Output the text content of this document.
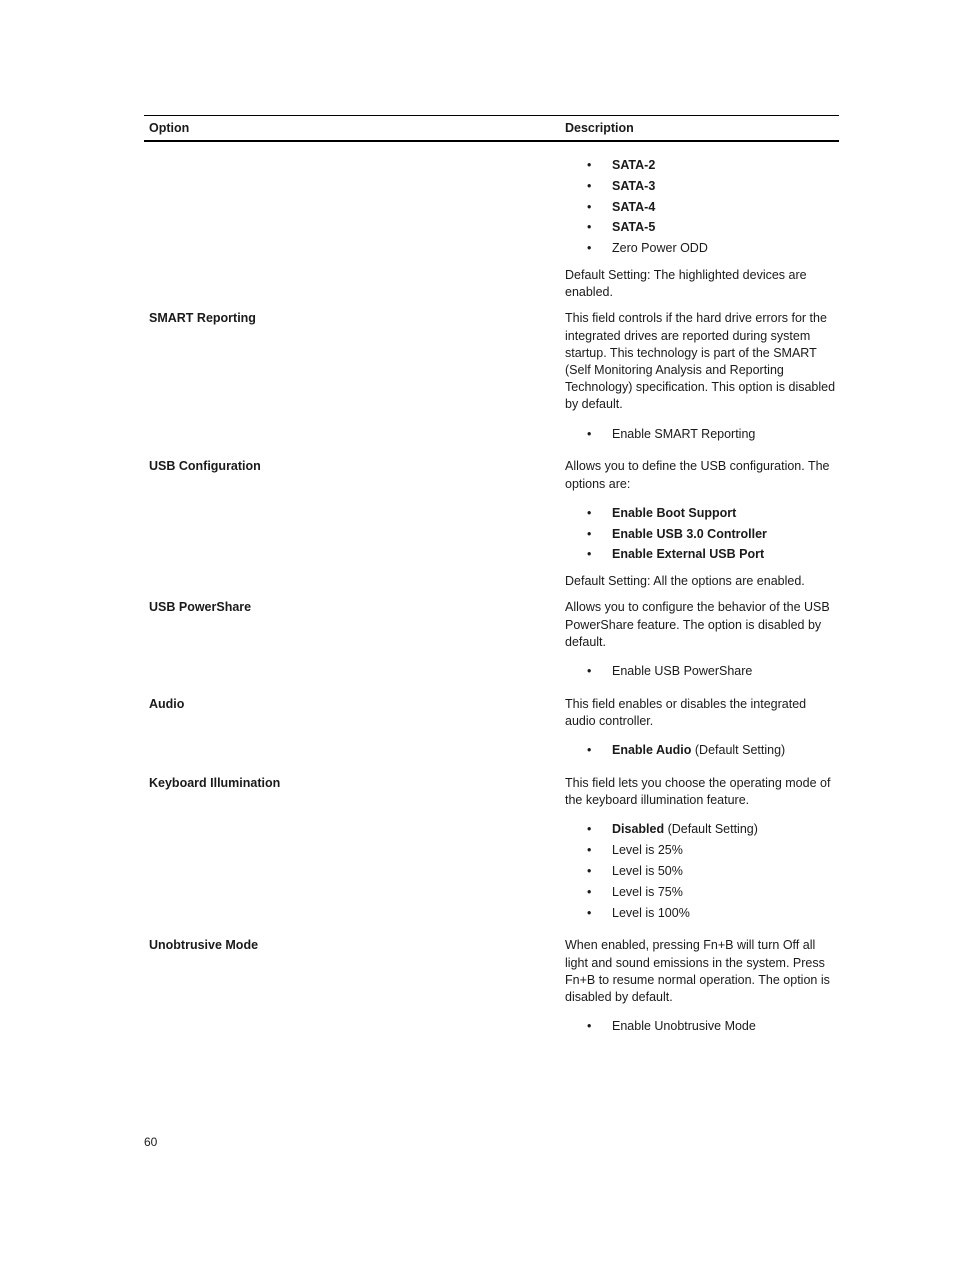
Option	Description
• SATA-2
• SATA-3
• SATA-4
• SATA-5
• Zero Power ODD

Default Setting: The highlighted devices are enabled.

SMART Reporting	This field controls if the hard drive errors for the integrated drives are reported during system startup. This technology is part of the SMART (Self Monitoring Analysis and Reporting Technology) specification. This option is disabled by default.

• Enable SMART Reporting
USB Configuration	Allows you to define the USB configuration. The options are:

• Enable Boot Support
• Enable USB 3.0 Controller
• Enable External USB Port

Default Setting: All the options are enabled.

USB PowerShare	Allows you to configure the behavior of the USB PowerShare feature. The option is disabled by default.

• Enable USB PowerShare
Audio	This field enables or disables the integrated audio controller.

• Enable Audio (Default Setting)
Keyboard Illumination	This field lets you choose the operating mode of the keyboard illumination feature.

• Disabled (Default Setting)
• Level is 25%
• Level is 50%
• Level is 75%
• Level is 100%
Unobtrusive Mode	When enabled, pressing Fn+B will turn Off all light and sound emissions in the system. Press Fn+B to resume normal operation. The option is disabled by default.

• Enable Unobtrusive Mode
60
